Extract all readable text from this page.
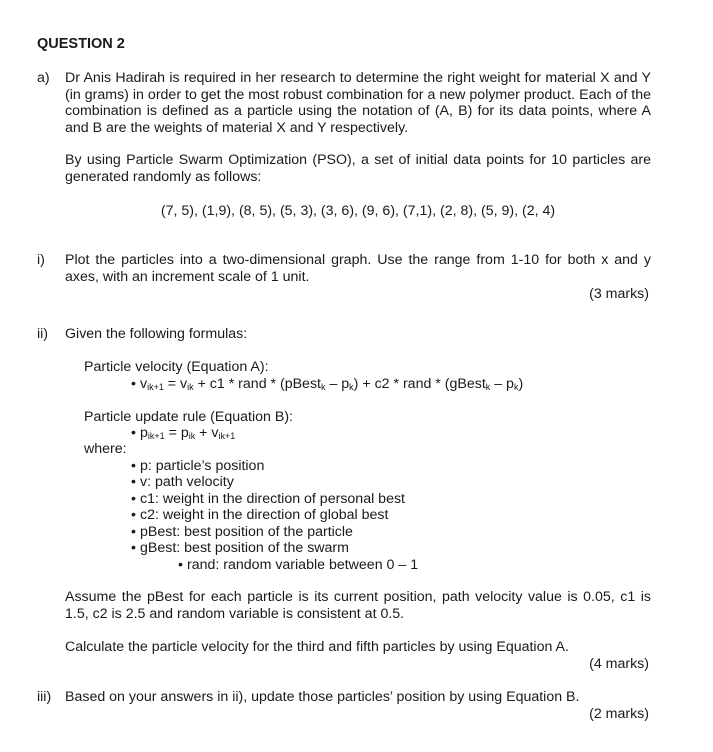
QUESTION 2
a) Dr Anis Hadirah is required in her research to determine the right weight for material X and Y (in grams) in order to get the most robust combination for a new polymer product. Each of the combination is defined as a particle using the notation of (A, B) for its data points, where A and B are the weights of material X and Y respectively.
By using Particle Swarm Optimization (PSO), a set of initial data points for 10 particles are generated randomly as follows:
(7, 5), (1,9), (8, 5), (5, 3), (3, 6), (9, 6), (7,1), (2, 8), (5, 9), (2, 4)
i) Plot the particles into a two-dimensional graph. Use the range from 1-10 for both x and y axes, with an increment scale of 1 unit.
(3 marks)
ii) Given the following formulas:
Particle velocity (Equation A):
• $v_{ik+1} = v_{ik} + c1$ * rand * (pBest$_k$ – $p_k) + c2$ * rand * (gBest$_k$ – $p_k$)
Particle update rule (Equation B):
• $p_{ik+1} = p_{ik} + v_{ik+1}$
where:
• p: particle’s position
• v: path velocity
• c1: weight in the direction of personal best
• c2: weight in the direction of global best
• pBest: best position of the particle
• gBest: best position of the swarm
• rand: random variable between 0 – 1
Assume the pBest for each particle is its current position, path velocity value is 0.05, c1 is 1.5, c2 is 2.5 and random variable is consistent at 0.5.
Calculate the particle velocity for the third and fifth particles by using Equation A.
(4 marks)
iii) Based on your answers in ii), update those particles’ position by using Equation B.
(2 marks)
